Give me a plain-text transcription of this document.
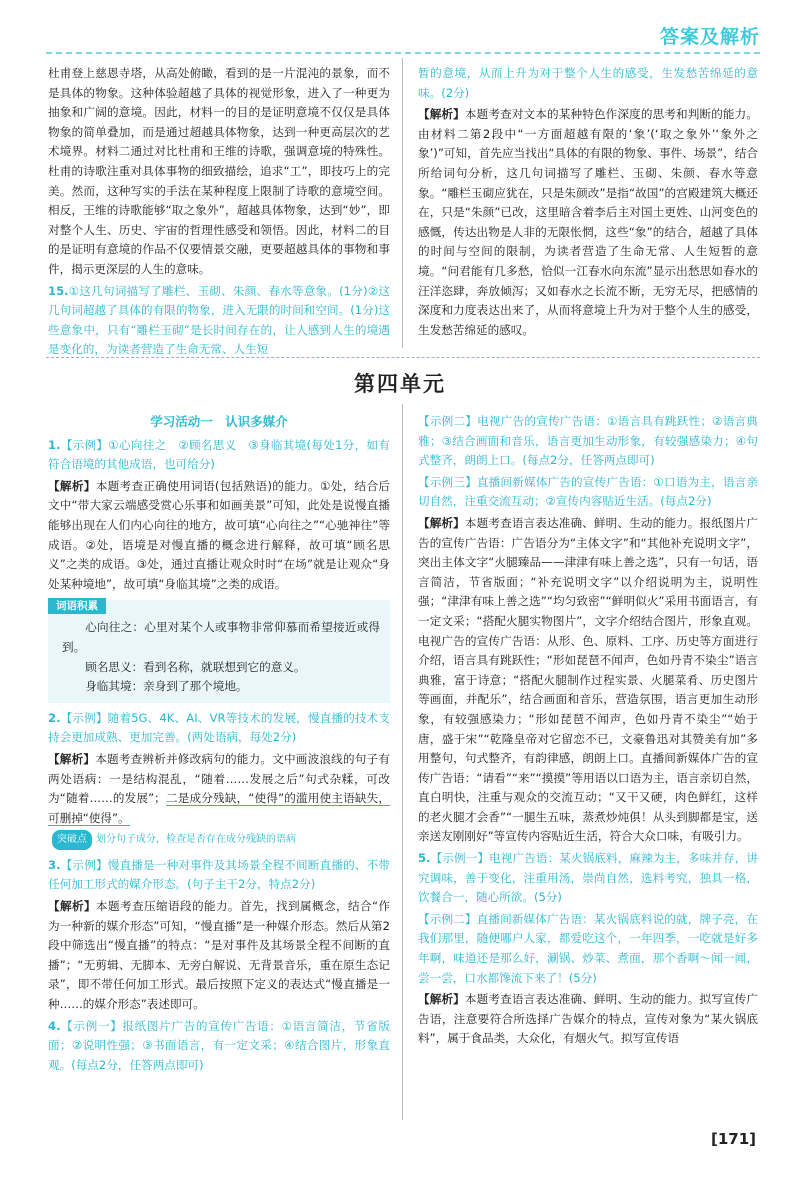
答案及解析

杜甫登上慈恩寺塔，从高处俯瞰，看到的是一片混沌的景象，而不是具体的物象。这种体验超越了具体的视觉形象，进入了一种更为抽象和广阔的意境。因此，材料一的目的是证明意境不仅仅是具体物象的简单叠加，而是通过超越具体物象，达到一种更高层次的艺术境界。材料二通过对比杜甫和王维的诗歌，强调意境的特殊性。杜甫的诗歌注重对具体事物的细致描绘，追求“工”，即技巧上的完美。然而，这种写实的手法在某种程度上限制了诗歌的意境空间。相反，王维的诗歌能够“取之象外”，超越具体物象，达到“妙”，即对整个人生、历史、宇宙的哲理性感受和领悟。因此，材料二的目的是证明有意境的作品不仅要情景交融，更要超越具体的事物和事件，揭示更深层的人生的意味。

15.①这几句词描写了雕栏、玉砌、朱颜、春水等意象。(1分)②这几句词超越了具体的有限的物象，进入无限的时间和空间。(1分)这些意象中，只有“雕栏玉砌”是长时间存在的，让人感到人生的境遇是变化的，为读者营造了生命无常、人生短

暂的意境，从而上升为对于整个人生的感受，生发愁苦绵延的意味。(2分)

【解析】本题考查对文本的某种特色作深度的思考和判断的能力。由材料二第2段中“一方面超越有限的‘象’(‘取之象外’‘象外之象’)”可知，首先应当找出“具体的有限的物象、事件、场景”，结合所给词句分析，这几句词描写了雕栏、玉砌、朱颜、春水等意象。“雕栏玉砌应犹在，只是朱颜改”是指“故国”的宫殿建筑大概还在，只是“朱颜”已改，这里暗含着李后主对国土更姓、山河变色的感慨，传达出物是人非的无限怅惘，这些“象”的结合，超越了具体的时间与空间的限制，为读者营造了生命无常、人生短暂的意境。“问君能有几多愁，恰似一江春水向东流”显示出愁思如春水的汪洋恣肆，奔放倾泻；又如春水之长流不断，无穷无尽，把感情的深度和力度表达出来了，从而将意境上升为对于整个人生的感受，生发愁苦绵延的感叹。

第四单元

学习活动一　认识多媒介

1.【示例】①心向往之　②顾名思义　③身临其境(每处1分，如有符合语境的其他成语，也可给分)

【解析】本题考查正确使用词语(包括熟语)的能力。①处，结合后文中“带大家云端感受赏心乐事和如画美景”可知，此处是说慢直播能够出现在人们内心向往的地方，故可填“心向往之”“心驰神往”等成语。②处，语境是对慢直播的概念进行解释，故可填“顾名思义”之类的成语。③处，通过直播让观众时时“在场”就是让观众“身处某种境地”，故可填“身临其境”之类的成语。

词语积累

心向往之：心里对某个人或事物非常仰慕而希望接近或得到。

顾名思义：看到名称，就联想到它的意义。

身临其境：亲身到了那个境地。

2.【示例】随着5G、4K、AI、VR等技术的发展，慢直播的技术支持会更加成熟、更加完善。(两处语病，每处2分)

【解析】本题考查辨析并修改病句的能力。文中画波浪线的句子有两处语病：一是结构混乱，“随着……发展之后”句式杂糅，可改为“随着……的发展”；二是成分残缺，“使得”的滥用使主语缺失，可删掉“使得”。

突破点 划分句子成分，检查是否存在成分残缺的语病

3.【示例】慢直播是一种对事件及其场景全程不间断直播的、不带任何加工形式的媒介形态。(句子主干2分，特点2分)

【解析】本题考查压缩语段的能力。首先，找到属概念，结合“作为一种新的媒介形态”可知，“慢直播”是一种媒介形态。然后从第2段中筛选出“慢直播”的特点：“是对事件及其场景全程不间断的直播”；“无剪辑、无脚本、无旁白解说、无背景音乐，重在原生态记录”，即不带任何加工形式。最后按照下定义的表达式“慢直播是一种……的媒介形态”表述即可。

4.【示例一】报纸图片广告的宣传广告语：①语言简洁，节省版面；②说明性强；③书面语言，有一定文采；④结合图片，形象直观。(每点2分，任答两点即可)

【示例二】电视广告的宣传广告语：①语言具有跳跃性；②语言典雅；③结合画面和音乐，语言更加生动形象，有较强感染力；④句式整齐，朗朗上口。(每点2分，任答两点即可)

【示例三】直播间新媒体广告的宣传广告语：①口语为主，语言亲切自然，注重交流互动；②宣传内容贴近生活。(每点2分)

【解析】本题考查语言表达准确、鲜明、生动的能力。报纸图片广告的宣传广告语：广告语分为“主体文字”和“其他补充说明文字”，突出主体文字“火腿臻品——津津有味上善之选”，只有一句话，语言简洁，节省版面；“补充说明文字”以介绍说明为主，说明性强；“津津有味上善之选”“均匀致密”“鲜明似火”采用书面语言，有一定文采；“搭配火腿实物图片”，文字介绍结合图片，形象直观。电视广告的宣传广告语：从形、色、原料、工序、历史等方面进行介绍，语言具有跳跃性；“形如琵琶不闻声，色如丹青不染尘”语言典雅，富于诗意；“搭配火腿制作过程实景、火腿菜肴、历史图片等画面，并配乐”，结合画面和音乐，营造氛围，语言更加生动形象，有较强感染力；“形如琵琶不闻声，色如丹青不染尘”“始于唐，盛于宋”“乾隆皇帝对它留恋不已，文豪鲁迅对其赞美有加”多用整句，句式整齐，有韵律感，朗朗上口。直播间新媒体广告的宣传广告语：“请看”“来”“摸摸”等用语以口语为主，语言亲切自然，直白明快，注重与观众的交流互动；“又干又硬，肉色鲜红，这样的老火腿才会香”“一腿生五味，蒸煮炒炖俱！从头到脚都是宝，送亲送友刚刚好”等宣传内容贴近生活，符合大众口味，有吸引力。

5.【示例一】电视广告语：某火锅底料，麻辣为主，多味并存，讲究调味，善于变化，注重用汤，崇尚自然，选料考究，独具一格，饮餐合一，随心所欲。(5分)

【示例二】直播间新媒体广告语：某火锅底料说的就，牌子亮，在我们那里，随便哪户人家，都爱吃这个，一年四季，一吃就是好多年啊，味道还是那么好，涮锅、炒菜、煮面，那个香啊～闻一闻，尝一尝，口水都馋流下来了！(5分)

【解析】本题考查语言表达准确、鲜明、生动的能力。拟写宣传广告语，注意要符合所选择广告媒介的特点，宣传对象为“某火锅底料”，属于食品类，大众化，有烟火气。拟写宣传语

[171]
